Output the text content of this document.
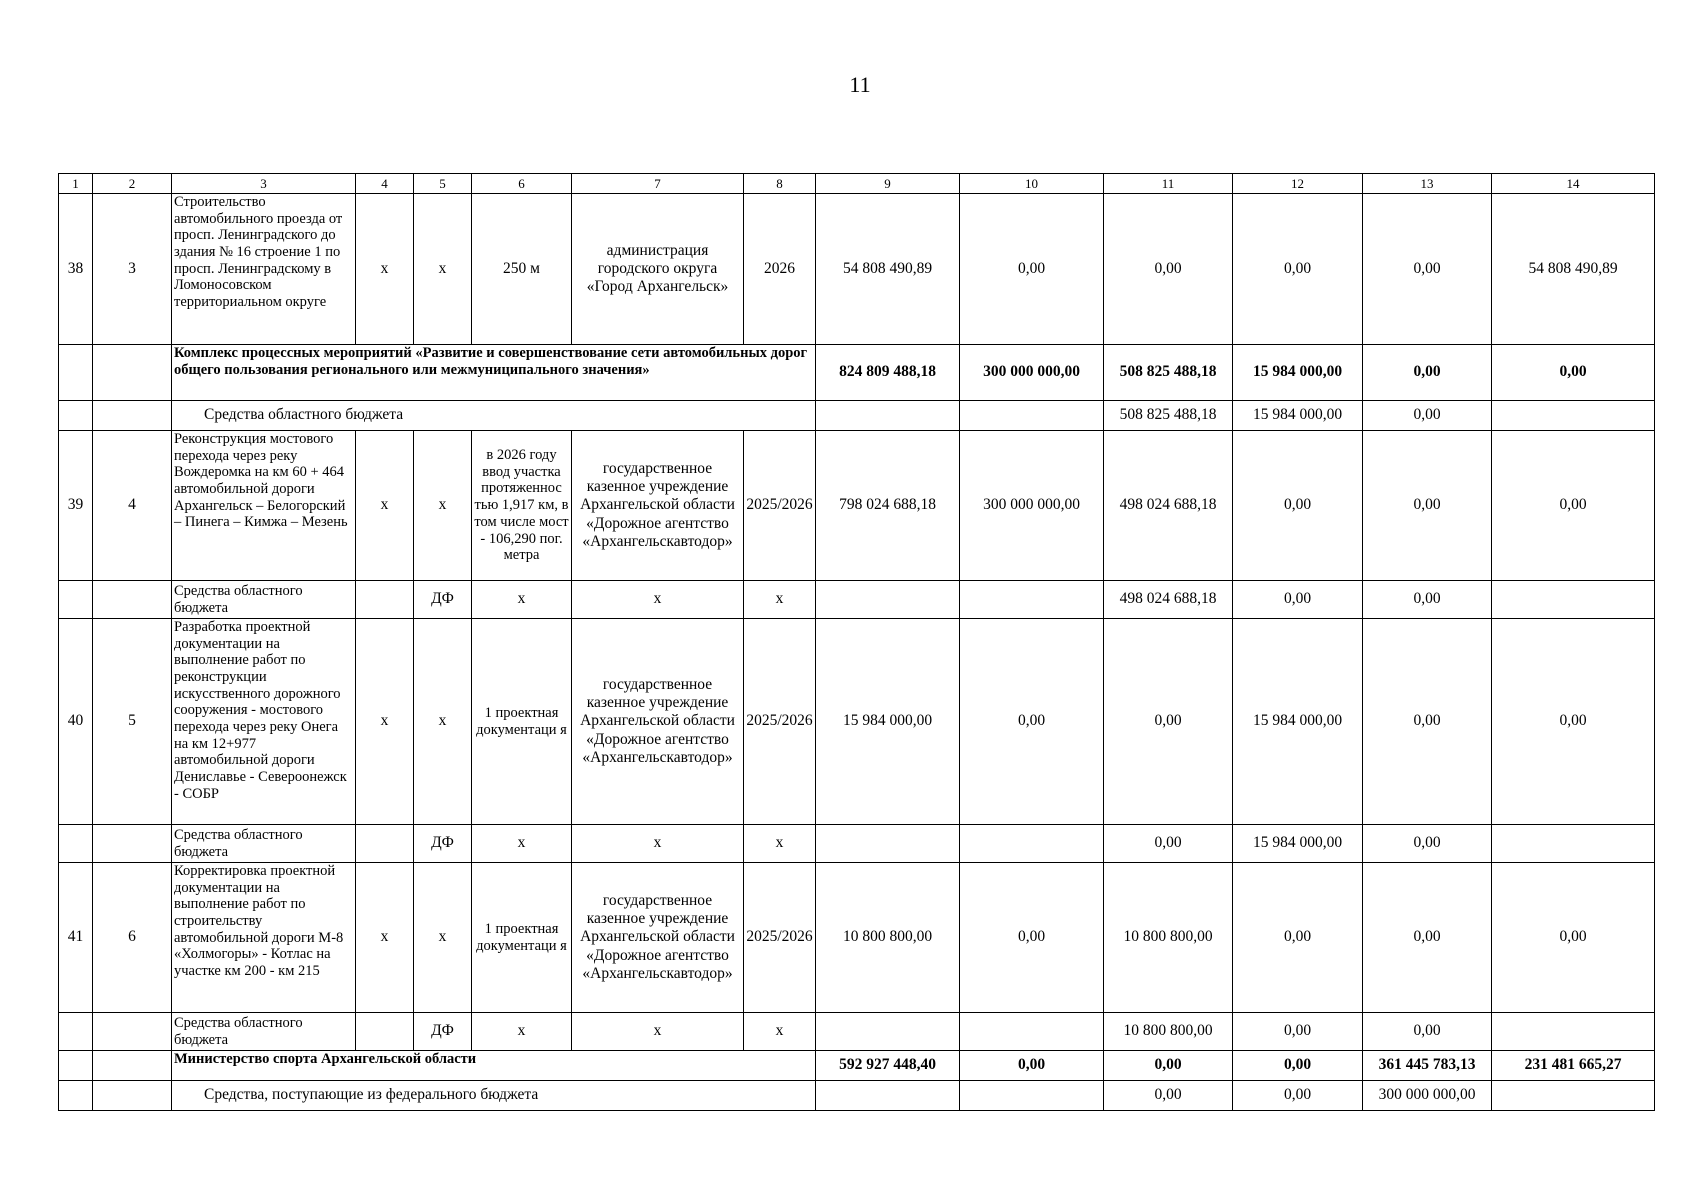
11
1	2	3	4	5	6	7	8	9	10	11	12	13	14
38	3	Строительство автомобильного проезда от просп. Ленинградского до здания № 16 строение 1 по просп. Ленинградскому в Ломоносовском территориальном округе	х	х	250 м	администрация городского округа «Город Архангельск»	2026	54 808 490,89	0,00	0,00	0,00	0,00	54 808 490,89
		Комплекс процессных мероприятий «Развитие и совершенствование сети автомобильных дорог общего пользования регионального или межмуниципального значения»						824 809 488,18	300 000 000,00	508 825 488,18	15 984 000,00	0,00	0,00
		Средства областного бюджета								508 825 488,18	15 984 000,00	0,00	
39	4	Реконструкция мостового перехода через реку Вождеромка на км 60 + 464 автомобильной дороги Архангельск – Белогорский – Пинега – Кимжа – Мезень	х	х	в 2026 году ввод участка протяженнос тью 1,917 км, в том числе мост - 106,290 пог. метра	государственное казенное учреждение Архангельской области «Дорожное агентство «Архангельскавтодор»	2025/2026	798 024 688,18	300 000 000,00	498 024 688,18	0,00	0,00	0,00
		Средства областного бюджета		ДФ	х	х	х			498 024 688,18	0,00	0,00	
40	5	Разработка проектной документации на выполнение работ по реконструкции искусственного дорожного сооружения - мостового перехода через реку Онега на км 12+977 автомобильной дороги Дениславье - Североонежск - СОБР	х	х	1 проектная документаци я	государственное казенное учреждение Архангельской области «Дорожное агентство «Архангельскавтодор»	2025/2026	15 984 000,00	0,00	0,00	15 984 000,00	0,00	0,00
		Средства областного бюджета		ДФ	х	х	х			0,00	15 984 000,00	0,00	
41	6	Корректировка проектной документации на выполнение работ по строительству автомобильной дороги М-8 «Холмогоры» - Котлас на участке км 200 - км 215	х	х	1 проектная документаци я	государственное казенное учреждение Архангельской области «Дорожное агентство «Архангельскавтодор»	2025/2026	10 800 800,00	0,00	10 800 800,00	0,00	0,00	0,00
		Средства областного бюджета		ДФ	х	х	х			10 800 800,00	0,00	0,00	
		Министерство спорта Архангельской области						592 927 448,40	0,00	0,00	0,00	361 445 783,13	231 481 665,27
		Средства, поступающие из федерального бюджета								0,00	0,00	300 000 000,00	
